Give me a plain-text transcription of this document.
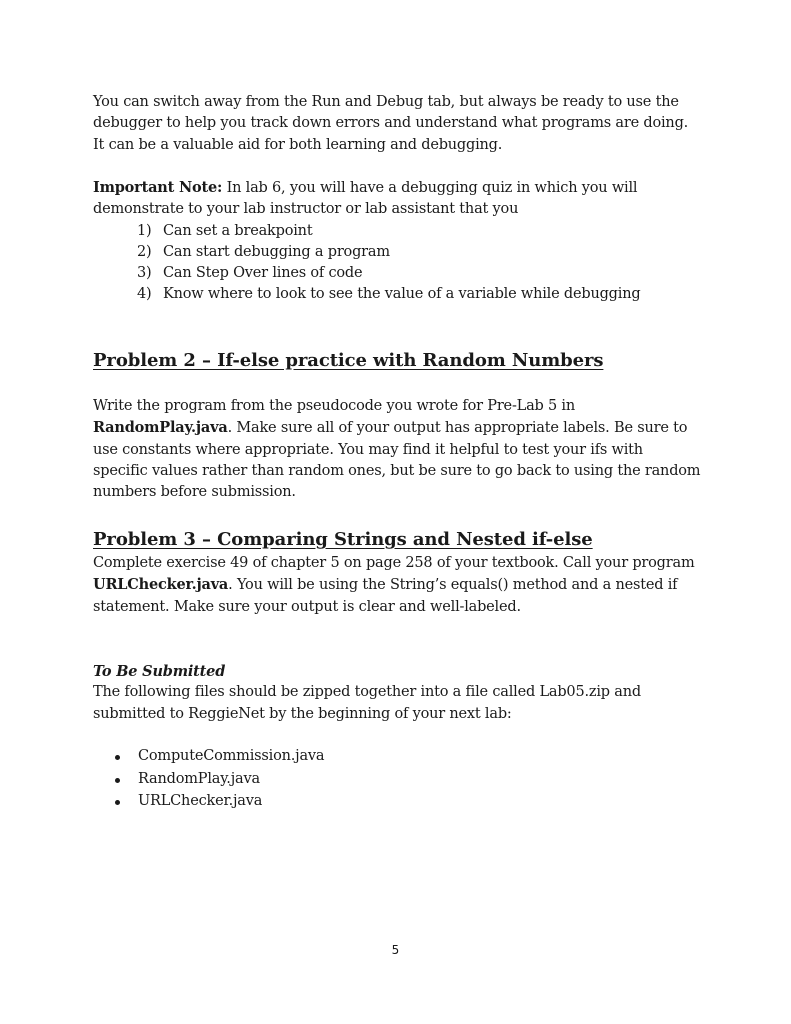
You can switch away from the Run and Debug tab, but always be ready to use the

debugger to help you track down errors and understand what programs are doing.

It can be a valuable aid for both learning and debugging.

Important Note: In lab 6, you will have a debugging quiz in which you will

demonstrate to your lab instructor or lab assistant that you

1) Can set a breakpoint
2) Can start debugging a program
3) Can Step Over lines of code
4) Know where to look to see the value of a variable while debugging
Problem 2 – If-else practice with Random Numbers

Write the program from the pseudocode you wrote for Pre-Lab 5 in

RandomPlay.java. Make sure all of your output has appropriate labels. Be sure to

use constants where appropriate. You may find it helpful to test your ifs with

specific values rather than random ones, but be sure to go back to using the random

numbers before submission.

Problem 3 – Comparing Strings and Nested if-else

Complete exercise 49 of chapter 5 on page 258 of your textbook. Call your program

URLChecker.java. You will be using the String’s equals() method and a nested if

statement. Make sure your output is clear and well-labeled.

To Be Submitted

The following files should be zipped together into a file called Lab05.zip and

submitted to ReggieNet by the beginning of your next lab:

ComputeCommission.java
RandomPlay.java
URLChecker.java
5
